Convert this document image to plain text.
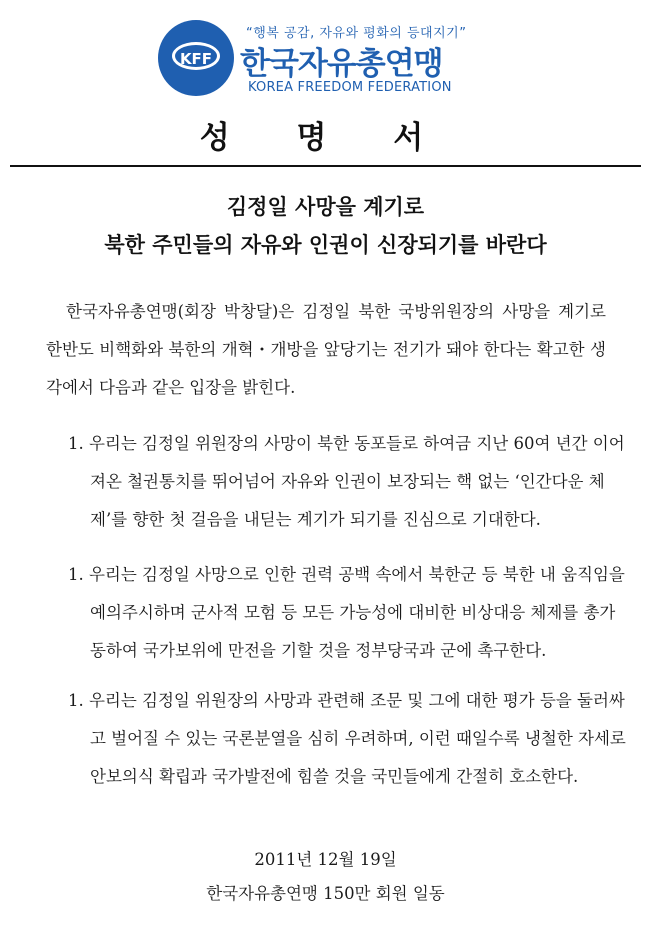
KFF
“행복 공감, 자유와 평화의 등대지기”
한국자유총연맹
KOREA FREEDOM FEDERATION
성 명 서
김정일 사망을 계기로
북한 주민들의 자유와 인권이 신장되기를 바란다
한국자유총연맹(회장 박창달)은 김정일 북한 국방위원장의 사망을 계기로 한반도 비핵화와 북한의 개혁・개방을 앞당기는 전기가 돼야 한다는 확고한 생각에서 다음과 같은 입장을 밝힌다.
1. 우리는 김정일 위원장의 사망이 북한 동포들로 하여금 지난 60여 년간 이어져온 철권통치를 뛰어넘어 자유와 인권이 보장되는 핵 없는 ‘인간다운 체제’를 향한 첫 걸음을 내딛는 계기가 되기를 진심으로 기대한다.
1. 우리는 김정일 사망으로 인한 권력 공백 속에서 북한군 등 북한 내 움직임을 예의주시하며 군사적 모험 등 모든 가능성에 대비한 비상대응 체제를 총가동하여 국가보위에 만전을 기할 것을 정부당국과 군에 촉구한다.
1. 우리는 김정일 위원장의 사망과 관련해 조문 및 그에 대한 평가 등을 둘러싸고 벌어질 수 있는 국론분열을 심히 우려하며, 이런 때일수록 냉철한 자세로 안보의식 확립과 국가발전에 힘쓸 것을 국민들에게 간절히 호소한다.
2011년 12월 19일
한국자유총연맹 150만 회원 일동
